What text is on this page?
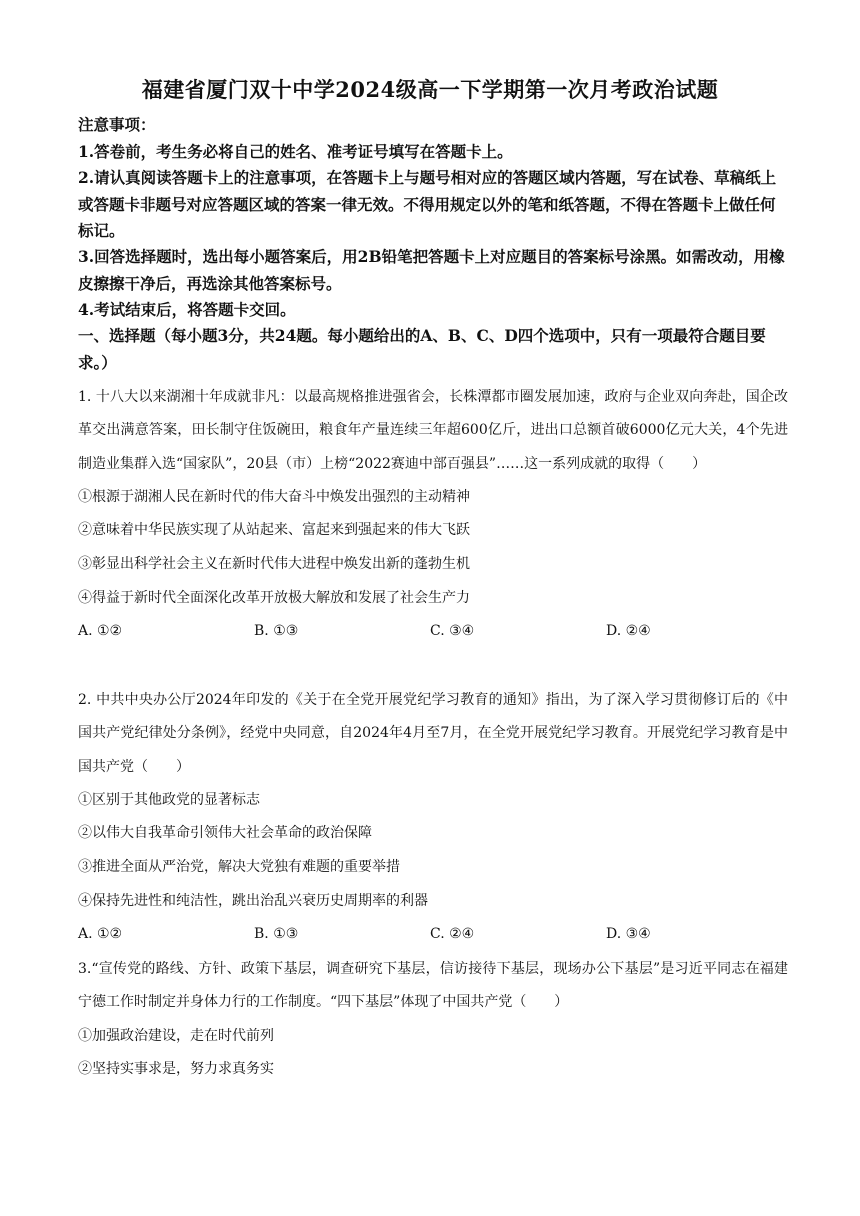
福建省厦门双十中学2024级高一下学期第一次月考政治试题
注意事项：
1.答卷前，考生务必将自己的姓名、准考证号填写在答题卡上。
2.请认真阅读答题卡上的注意事项，在答题卡上与题号相对应的答题区域内答题，写在试卷、草稿纸上或答题卡非题号对应答题区域的答案一律无效。不得用规定以外的笔和纸答题，不得在答题卡上做任何标记。
3.回答选择题时，选出每小题答案后，用2B铅笔把答题卡上对应题目的答案标号涂黑。如需改动，用橡皮擦擦干净后，再选涂其他答案标号。
4.考试结束后，将答题卡交回。
一、选择题（每小题3分，共24题。每小题给出的A、B、C、D四个选项中，只有一项最符合题目要求。）
1. 十八大以来湖湘十年成就非凡：以最高规格推进强省会，长株潭都市圈发展加速，政府与企业双向奔赴，国企改革交出满意答案，田长制守住饭碗田，粮食年产量连续三年超600亿斤，进出口总额首破6000亿元大关，4个先进制造业集群入选“国家队”，20县（市）上榜“2022赛迪中部百强县”……这一系列成就的取得（　　）
①根源于湖湘人民在新时代的伟大奋斗中焕发出强烈的主动精神
②意味着中华民族实现了从站起来、富起来到强起来的伟大飞跃
③彰显出科学社会主义在新时代伟大进程中焕发出新的蓬勃生机
④得益于新时代全面深化改革开放极大解放和发展了社会生产力
A. ①②	B. ①③	C. ③④	D. ②④
2. 中共中央办公厅2024年印发的《关于在全党开展党纪学习教育的通知》指出，为了深入学习贯彻修订后的《中国共产党纪律处分条例》，经党中央同意，自2024年4月至7月，在全党开展党纪学习教育。开展党纪学习教育是中国共产党（　　）
①区别于其他政党的显著标志
②以伟大自我革命引领伟大社会革命的政治保障
③推进全面从严治党，解决大党独有难题的重要举措
④保持先进性和纯洁性，跳出治乱兴衰历史周期率的利器
A. ①②	B. ①③	C. ②④	D. ③④
3.“宣传党的路线、方针、政策下基层，调查研究下基层，信访接待下基层，现场办公下基层”是习近平同志在福建宁德工作时制定并身体力行的工作制度。“四下基层”体现了中国共产党（　　）
①加强政治建设，走在时代前列
②坚持实事求是，努力求真务实
